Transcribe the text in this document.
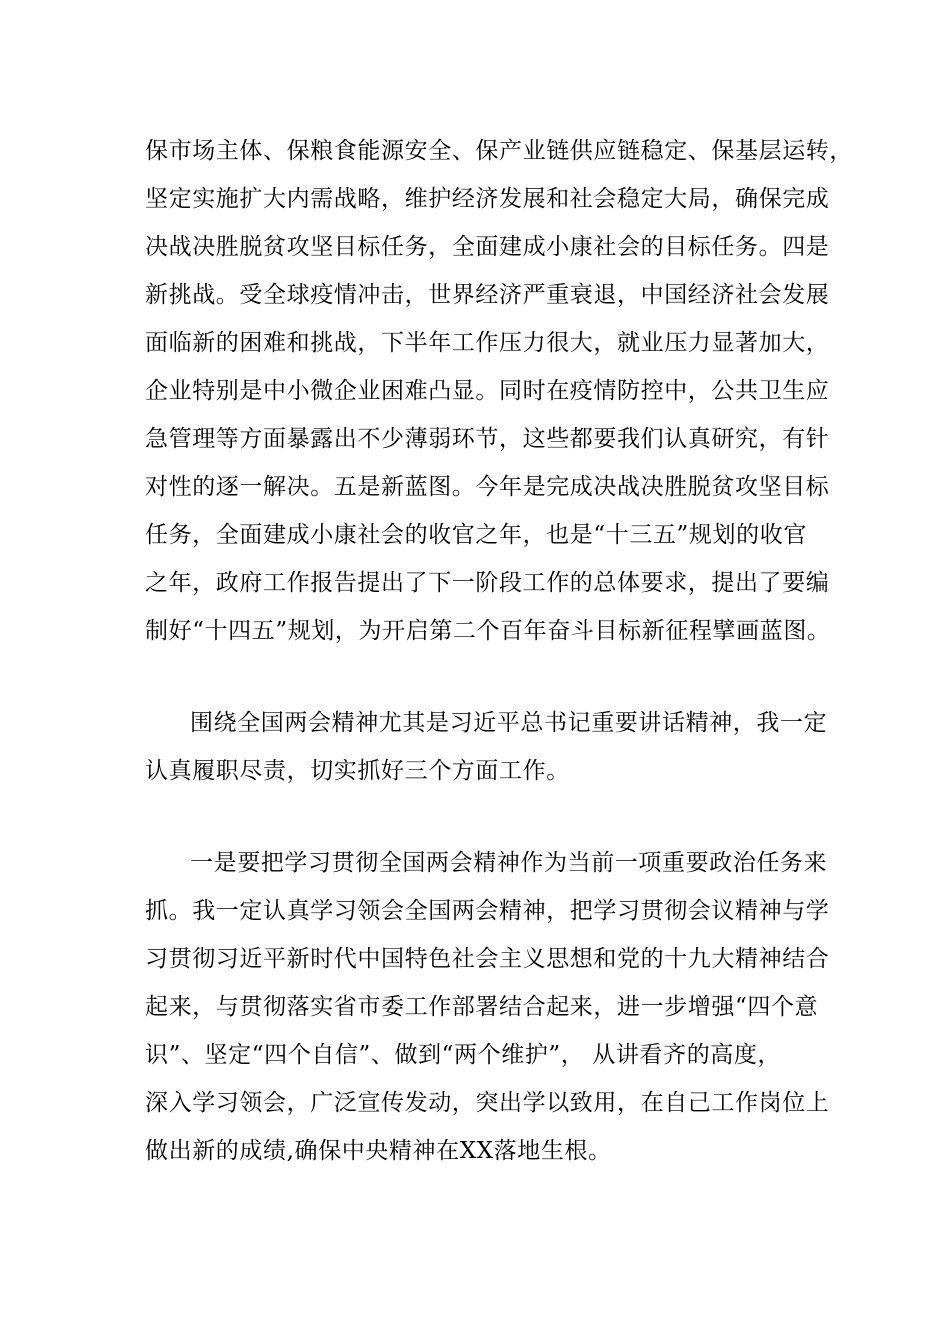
保市场主体、保粮食能源安全、保产业链供应链稳定、保基层运转，
坚定实施扩大内需战略，维护经济发展和社会稳定大局，确保完成
决战决胜脱贫攻坚目标任务，全面建成小康社会的目标任务。四是
新挑战。受全球疫情冲击，世界经济严重衰退，中国经济社会发展
面临新的困难和挑战，下半年工作压力很大，就业压力显著加大，
企业特别是中小微企业困难凸显。同时在疫情防控中，公共卫生应
急管理等方面暴露出不少薄弱环节，这些都要我们认真研究，有针
对性的逐一解决。五是新蓝图。今年是完成决战决胜脱贫攻坚目标
任务，全面建成小康社会的收官之年，也是“十三五”规划的收官
之年，政府工作报告提出了下一阶段工作的总体要求，提出了要编
制好“十四五”规划，为开启第二个百年奋斗目标新征程擘画蓝图。
围绕全国两会精神尤其是习近平总书记重要讲话精神，我一定
认真履职尽责，切实抓好三个方面工作。
一是要把学习贯彻全国两会精神作为当前一项重要政治任务来
抓。我一定认真学习领会全国两会精神，把学习贯彻会议精神与学
习贯彻习近平新时代中国特色社会主义思想和党的十九大精神结合
起来，与贯彻落实省市委工作部署结合起来，进一步增强“四个意
识”、坚定“四个自信”、做到“两个维护”， 从讲看齐的高度，
深入学习领会，广泛宣传发动，突出学以致用，在自己工作岗位上
做出新的成绩,确保中央精神在XX落地生根。
